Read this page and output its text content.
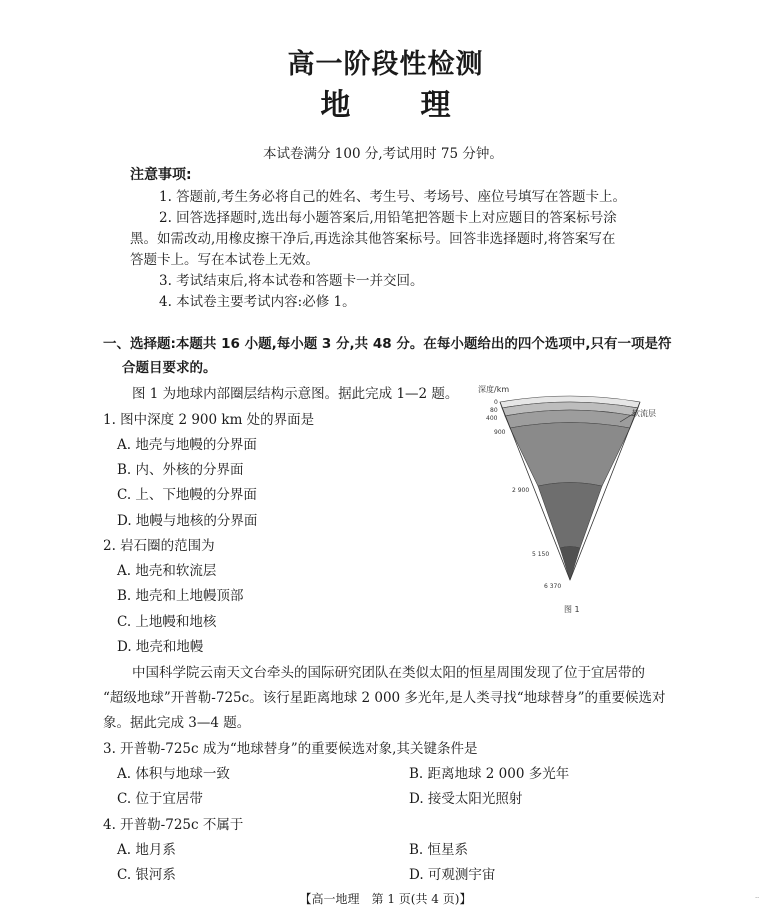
高一阶段性检测
地 理
本试卷满分 100 分,考试用时 75 分钟。
注意事项:
1. 答题前,考生务必将自己的姓名、考生号、考场号、座位号填写在答题卡上。
2. 回答选择题时,选出每小题答案后,用铅笔把答题卡上对应题目的答案标号涂
黑。如需改动,用橡皮擦干净后,再选涂其他答案标号。回答非选择题时,将答案写在
答题卡上。写在本试卷上无效。
3. 考试结束后,将本试卷和答题卡一并交回。
4. 本试卷主要考试内容:必修 1。
一、选择题:本题共 16 小题,每小题 3 分,共 48 分。在每小题给出的四个选项中,只有一项是符
合题目要求的。
图 1 为地球内部圈层结构示意图。据此完成 1—2 题。
1. 图中深度 2 900 km 处的界面是
A. 地壳与地幔的分界面
B. 内、外核的分界面
C. 上、下地幔的分界面
D. 地幔与地核的分界面
2. 岩石圈的范围为
A. 地壳和软流层
B. 地壳和上地幔顶部
C. 上地幔和地核
D. 地壳和地幔
深度/km
0
80
400
900
2 900
5 150
6 370
软流层
图 1
中国科学院云南天文台牵头的国际研究团队在类似太阳的恒星周围发现了位于宜居带的
“超级地球”开普勒-725c。该行星距离地球 2 000 多光年,是人类寻找“地球替身”的重要候选对
象。据此完成 3—4 题。
3. 开普勒-725c 成为“地球替身”的重要候选对象,其关键条件是
A. 体积与地球一致	B. 距离地球 2 000 多光年
C. 位于宜居带	D. 接受太阳光照射
4. 开普勒-725c 不属于
A. 地月系	B. 恒星系
C. 银河系	D. 可观测宇宙
【高一地理　第 1 页(共 4 页)】	··
